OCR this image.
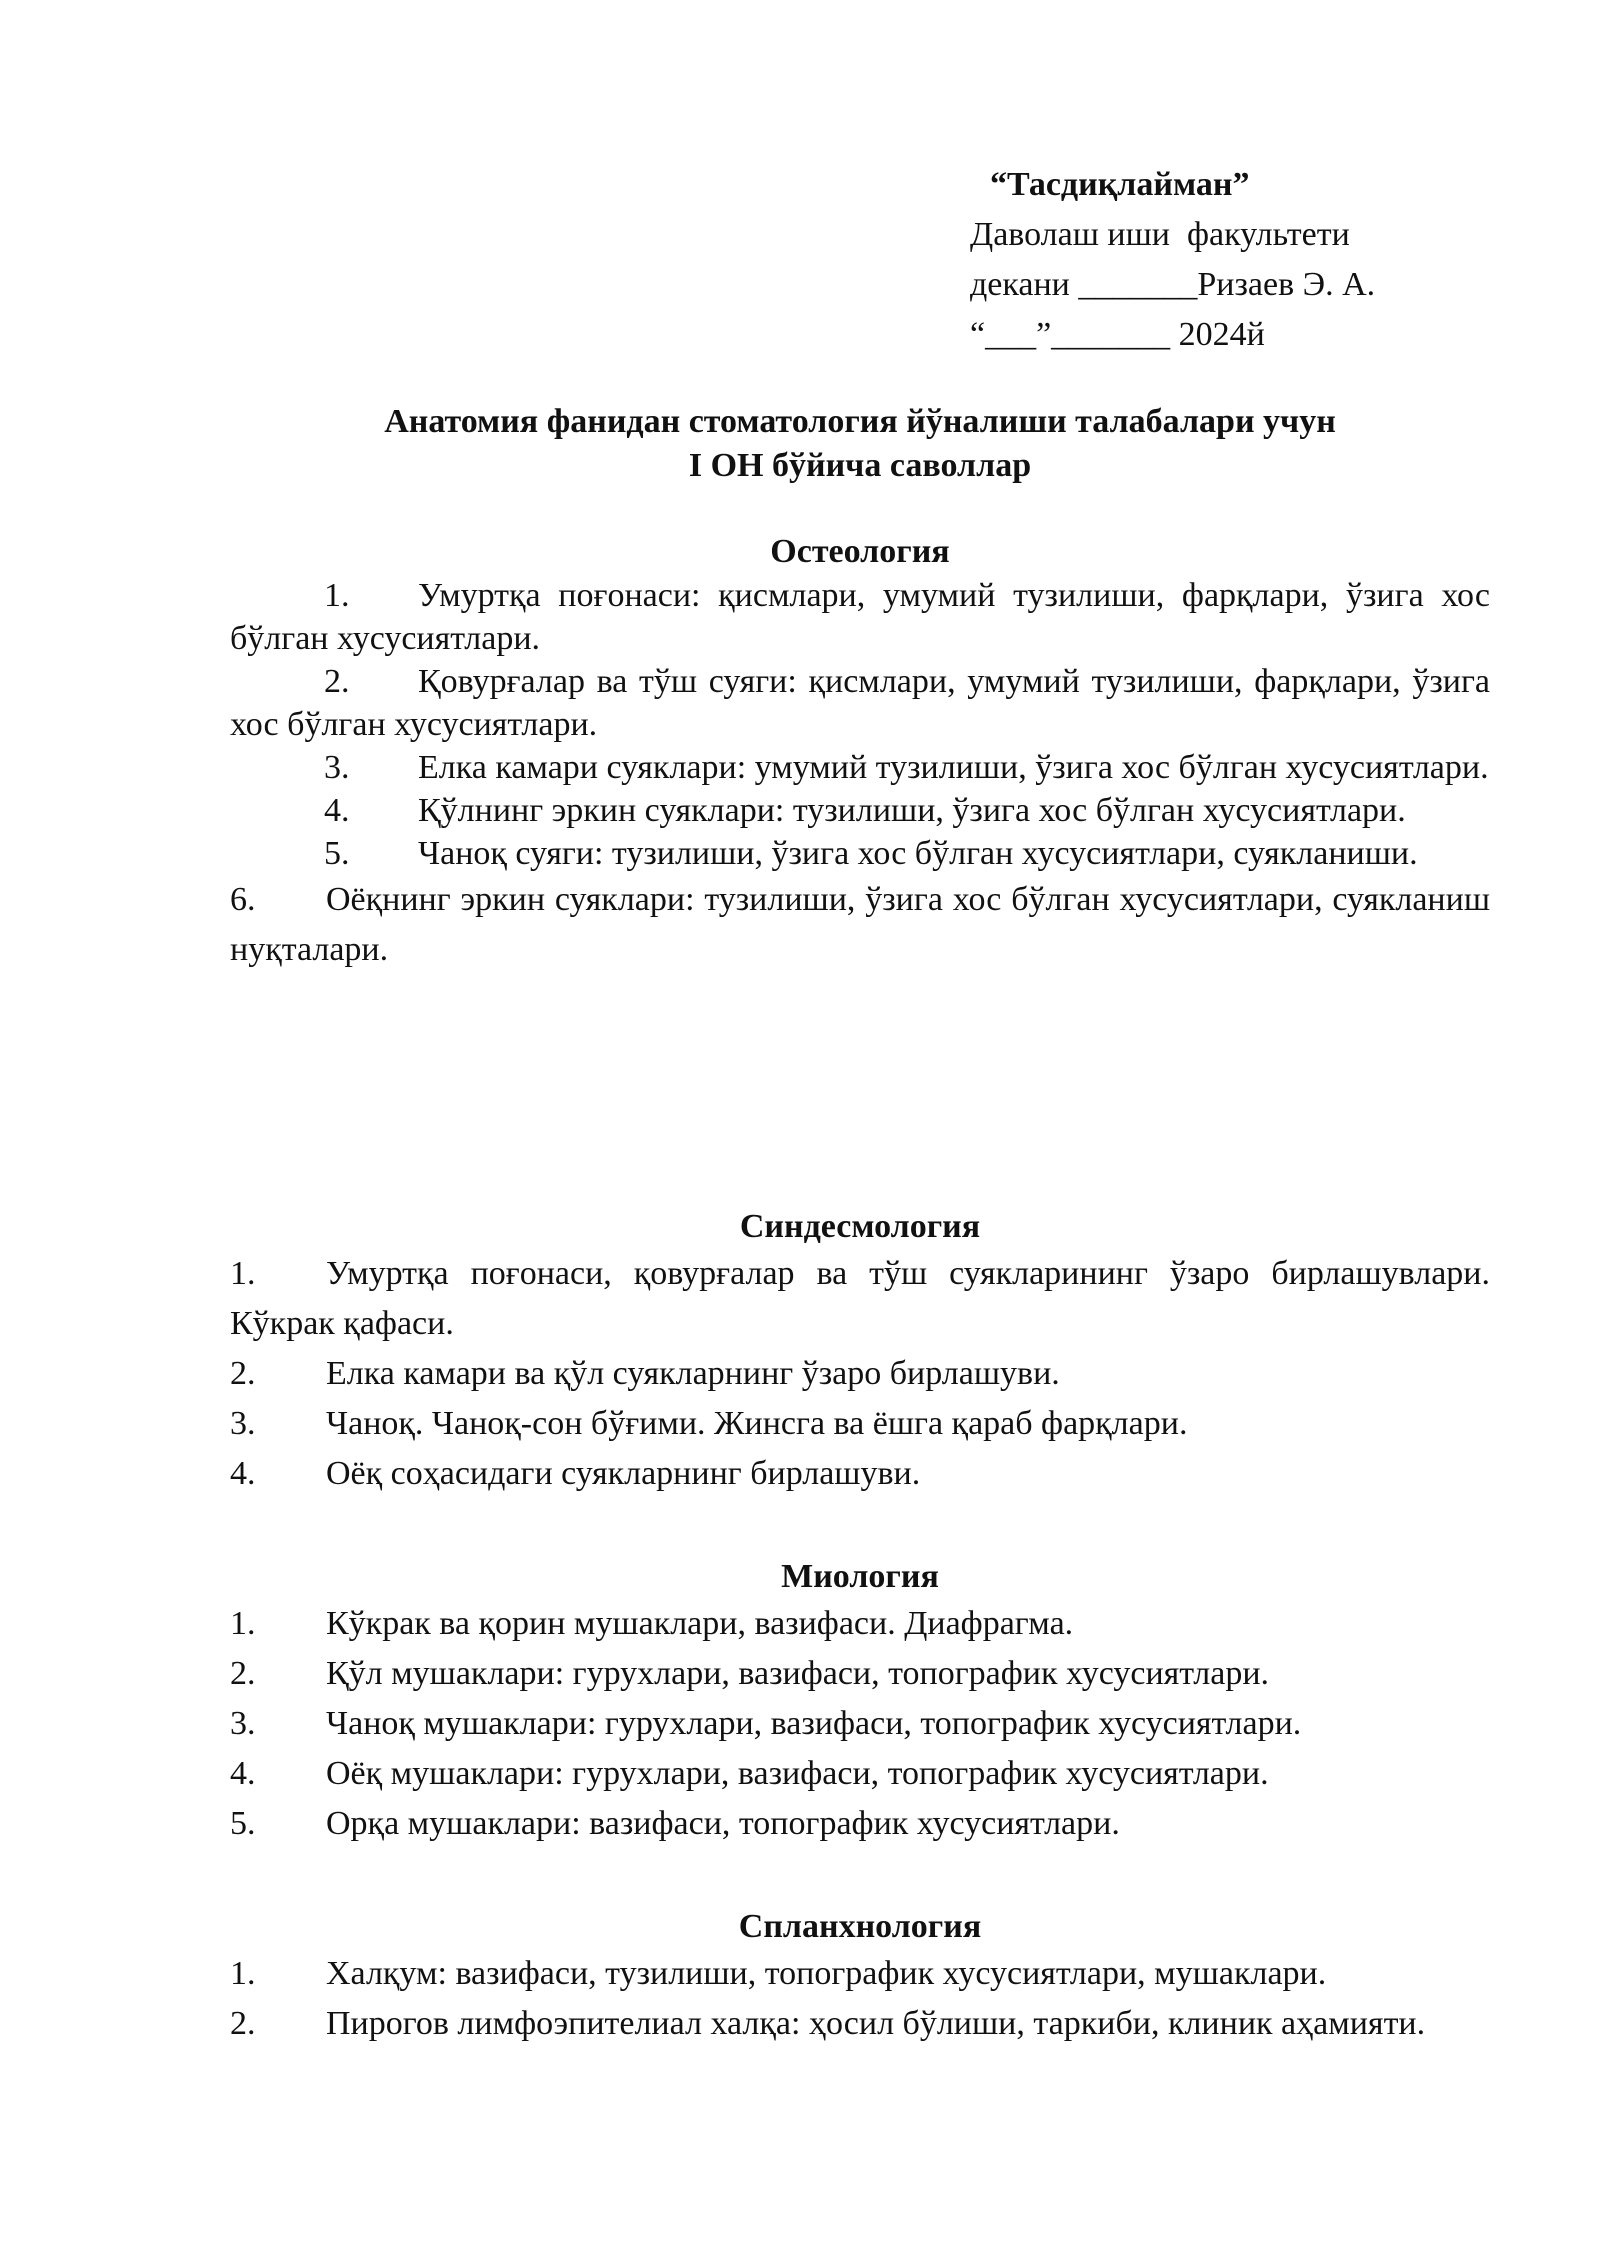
“Тасдиқлайман”
Даволаш иши  факультети
декани _______Ризаев Э. А.
“___”_______ 2024й
Анатомия фанидан стоматология йўналиши талабалари учун
I ОН бўйича саволлар
Остеология
1. Умуртқа поғонаси: қисмлари, умумий тузилиши, фарқлари, ўзига хос бўлган хусусиятлари.
2. Қовурғалар ва тўш суяги: қисмлари, умумий тузилиши, фарқлари, ўзига хос бўлган хусусиятлари.
3. Елка камари суяклари: умумий тузилиши, ўзига хос бўлган хусусиятлари.
4. Қўлнинг эркин суяклари: тузилиши, ўзига хос бўлган хусусиятлари.
5. Чаноқ суяги: тузилиши, ўзига хос бўлган хусусиятлари, суякланиши.
6. Оёқнинг эркин суяклари: тузилиши, ўзига хос бўлган хусусиятлари, суякланиш нуқталари.
Синдесмология
1. Умуртқа поғонаси, қовурғалар ва тўш суякларининг ўзаро бирлашувлари. Кўкрак қафаси.
2. Елка камари ва қўл суякларнинг ўзаро бирлашуви.
3. Чаноқ. Чаноқ-сон бўғими. Жинсга ва ёшга қараб фарқлари.
4. Оёқ соҳасидаги суякларнинг бирлашуви.
Миология
1. Кўкрак ва қорин мушаклари, вазифаси. Диафрагма.
2. Қўл мушаклари: гурухлари, вазифаси, топографик хусусиятлари.
3. Чаноқ мушаклари: гурухлари, вазифаси, топографик хусусиятлари.
4. Оёқ мушаклари: гурухлари, вазифаси, топографик хусусиятлари.
5. Орқа мушаклари: вазифаси, топографик хусусиятлари.
Спланхнология
1. Халқум: вазифаси, тузилиши, топографик хусусиятлари, мушаклари.
2. Пирогов лимфоэпителиал халқа: ҳосил бўлиши, таркиби, клиник аҳамияти.
